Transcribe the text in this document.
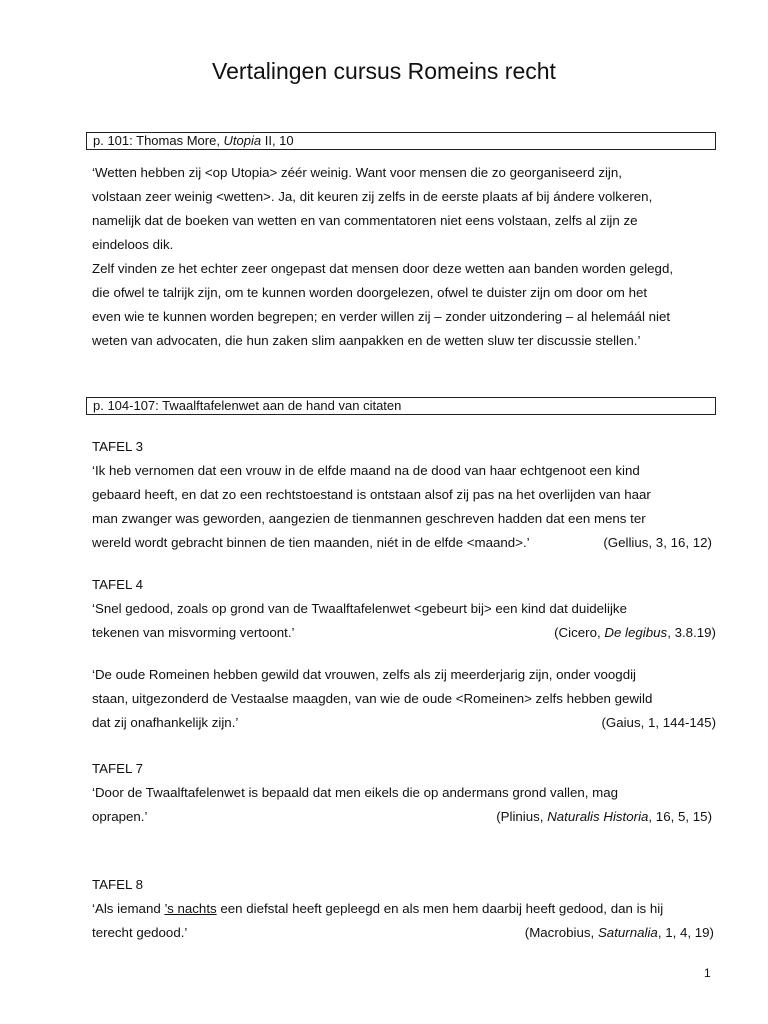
Vertalingen cursus Romeins recht
p. 101: Thomas More, Utopia II, 10
‘Wetten hebben zij <op Utopia> zéér weinig. Want voor mensen die zo georganiseerd zijn,
volstaan zeer weinig <wetten>. Ja, dit keuren zij zelfs in de eerste plaats af bij ándere volkeren,
namelijk dat de boeken van wetten en van commentatoren niet eens volstaan, zelfs al zijn ze
eindeloos dik.
Zelf vinden ze het echter zeer ongepast dat mensen door deze wetten aan banden worden gelegd,
die ofwel te talrijk zijn, om te kunnen worden doorgelezen, ofwel te duister zijn om door om het
even wie te kunnen worden begrepen; en verder willen zij – zonder uitzondering – al helemáál niet
weten van advocaten, die hun zaken slim aanpakken en de wetten sluw ter discussie stellen.’
p. 104-107: Twaalftafelenwet aan de hand van citaten
TAFEL 3
‘Ik heb vernomen dat een vrouw in de elfde maand na de dood van haar echtgenoot een kind
gebaard heeft, en dat zo een rechtstoestand is ontstaan alsof zij pas na het overlijden van haar
man zwanger was geworden, aangezien de tienmannen geschreven hadden dat een mens ter
wereld wordt gebracht binnen de tien maanden, niét in de elfde <maand>.’	(Gellius, 3, 16, 12)
TAFEL 4
‘Snel gedood, zoals op grond van de Twaalftafelenwet <gebeurt bij> een kind dat duidelijke
tekenen van misvorming vertoont.’	(Cicero, De legibus, 3.8.19)
‘De oude Romeinen hebben gewild dat vrouwen, zelfs als zij meerderjarig zijn, onder voogdij
staan, uitgezonderd de Vestaalse maagden, van wie de oude <Romeinen> zelfs hebben gewild
dat zij onafhankelijk zijn.’	(Gaius, 1, 144-145)
TAFEL 7
‘Door de Twaalftafelenwet is bepaald dat men eikels die op andermans grond vallen, mag
oprapen.’	(Plinius, Naturalis Historia, 16, 5, 15)
TAFEL 8
‘Als iemand ’s nachts een diefstal heeft gepleegd en als men hem daarbij heeft gedood, dan is hij
terecht gedood.’	(Macrobius, Saturnalia, 1, 4, 19)
1
